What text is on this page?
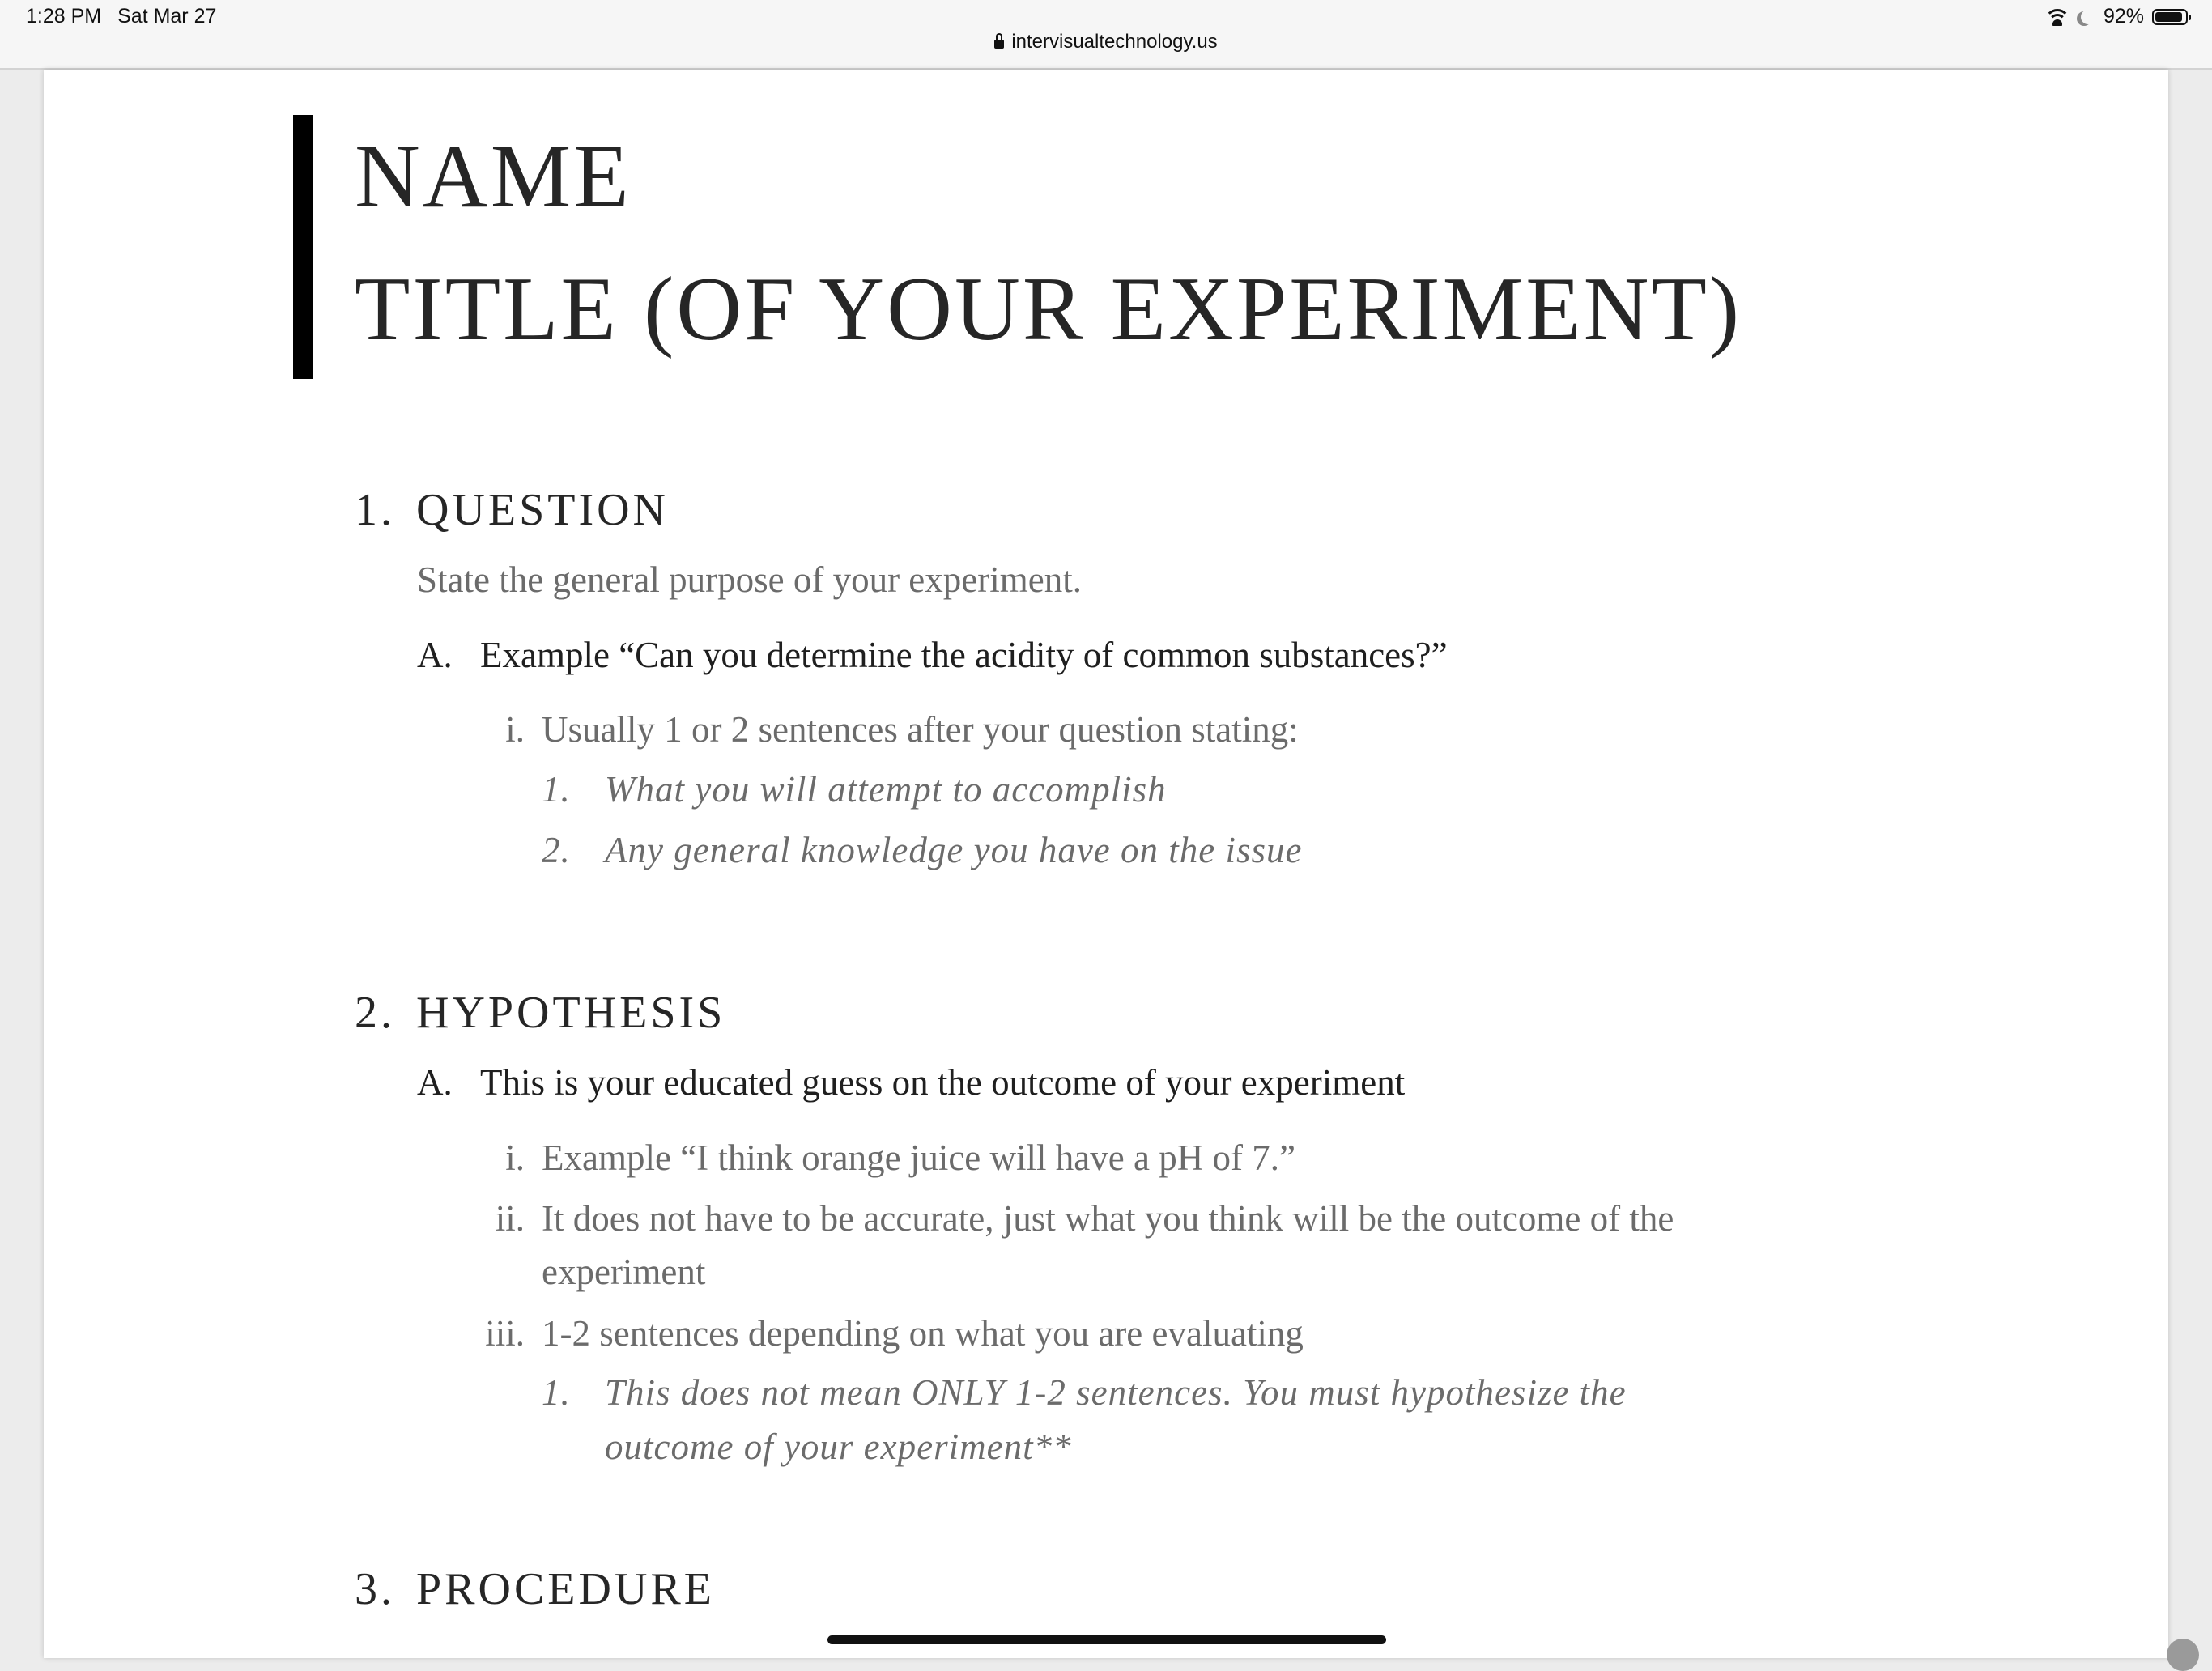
1:28 PM Sat Mar 27
intervisualtechnology.us
92%
NAME
TITLE (OF YOUR EXPERIMENT)
1. QUESTION
State the general purpose of your experiment.
A. Example “Can you determine the acidity of common substances?”
i. Usually 1 or 2 sentences after your question stating:
1. What you will attempt to accomplish
2. Any general knowledge you have on the issue
2. HYPOTHESIS
A. This is your educated guess on the outcome of your experiment
i. Example “I think orange juice will have a pH of 7.”
ii. It does not have to be accurate, just what you think will be the outcome of the
experiment
iii. 1-2 sentences depending on what you are evaluating
1. This does not mean ONLY 1-2 sentences. You must hypothesize the
outcome of your experiment**
3. PROCEDURE
